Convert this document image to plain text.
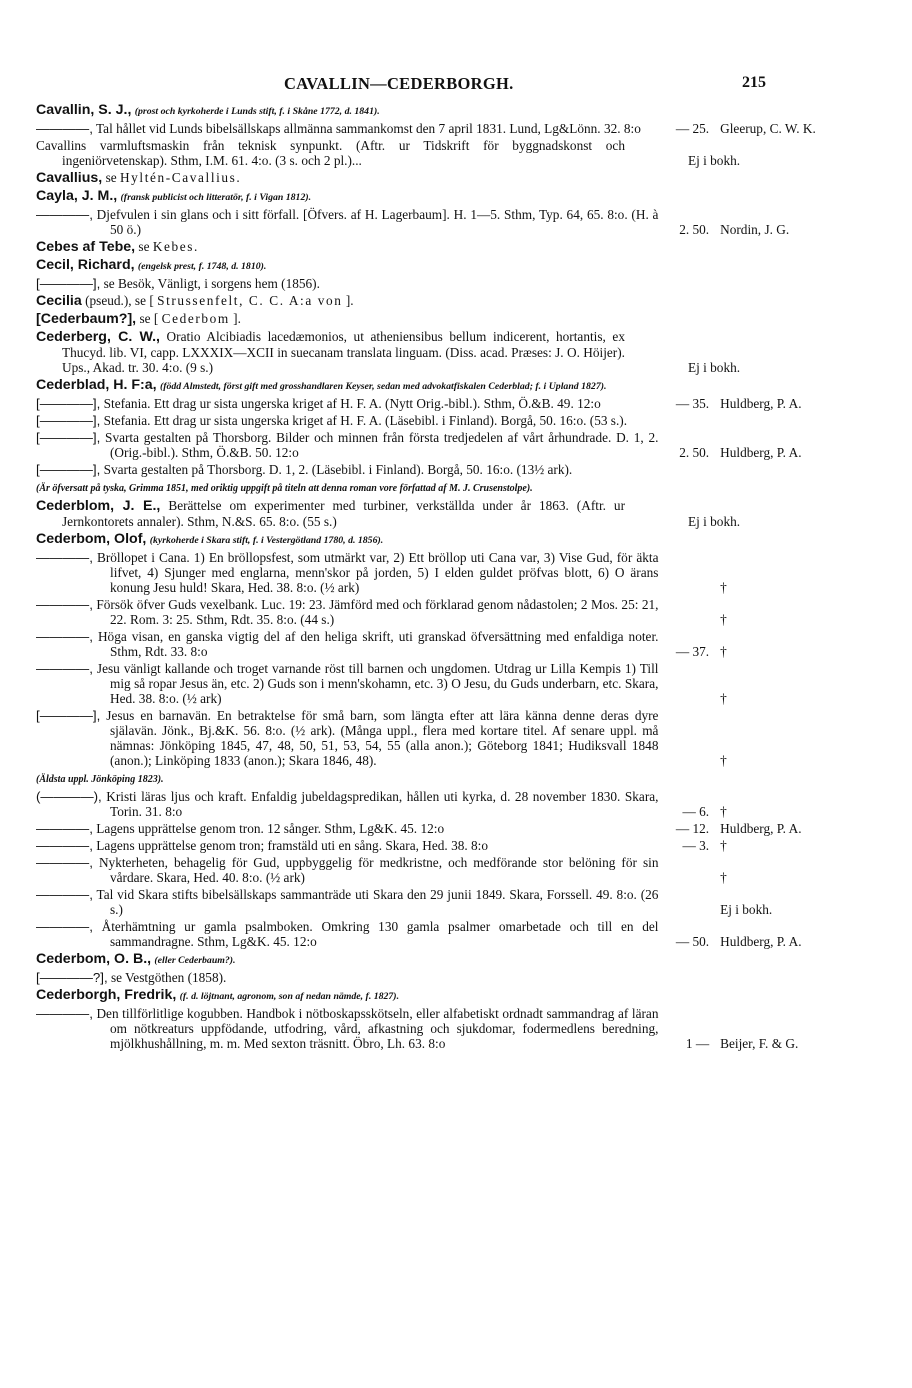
CAVALLIN—CEDERBORGH.	215
Cavallin, S. J., (prost och kyrkoherde i Lunds stift, f. i Skåne 1772, d. 1841).
————, Tal hållet vid Lunds bibelsällskaps allmänna sammankomst den 7 april 1831. Lund, Lg&Lönn. 32. 8:o	— 25. Gleerup, C. W. K.
Cavallins varmluftsmaskin från teknisk synpunkt. (Aftr. ur Tidskrift för byggnadskonst och ingeniörvetenskap). Sthm, I.M. 61. 4:o. (3 s. och 2 pl.)...	Ej i bokh.
Cavallius, se Hyltén-Cavallius.
Cayla, J. M., (fransk publicist och litteratör, f. i Vigan 1812).
————, Djefvulen i sin glans och i sitt förfall. [Öfvers. af H. Lagerbaum]. H. 1—5. Sthm, Typ. 64, 65. 8:o. (H. à 50 ö.)	2. 50. Nordin, J. G.
Cebes af Tebe, se Kebes.
Cecil, Richard, (engelsk prest, f. 1748, d. 1810).
[————], se Besök, Vänligt, i sorgens hem (1856).
Cecilia (pseud.), se [ Strussenfelt, C. C. A:a von ].
[Cederbaum?], se [ Cederbom ].
Cederberg, C. W., Oratio Alcibiadis lacedæmonios, ut atheniensibus bellum indicerent, hortantis, ex Thucyd. lib. VI, capp. LXXXIX—XCII in suecanam translata linguam. (Diss. acad. Præses: J. O. Höijer). Ups., Akad. tr. 30. 4:o. (9 s.)	Ej i bokh.
Cederblad, H. F:a, (född Almstedt, först gift med grosshandlaren Keyser, sedan med advokatfiskalen Cederblad; f. i Upland 1827).
[————], Stefania. Ett drag ur sista ungerska kriget af H. F. A. (Nytt Orig.-bibl.). Sthm, Ö.&B. 49. 12:o	— 35. Huldberg, P. A.
[————], Stefania. Ett drag ur sista ungerska kriget af H. F. A. (Läsebibl. i Finland). Borgå, 50. 16:o. (53 s.).
[————], Svarta gestalten på Thorsborg. Bilder och minnen från första tredjedelen af vårt århundrade. D. 1, 2. (Orig.-bibl.). Sthm, Ö.&B. 50. 12:o	2. 50. Huldberg, P. A.
[————], Svarta gestalten på Thorsborg. D. 1, 2. (Läsebibl. i Finland). Borgå, 50. 16:o. (13½ ark).
(Är öfversatt på tyska, Grimma 1851, med oriktig uppgift på titeln att denna roman vore författad af M. J. Crusenstolpe).
Cederblom, J. E., Berättelse om experimenter med turbiner, verkställda under år 1863. (Aftr. ur Jernkontorets annaler). Sthm, N.&S. 65. 8:o. (55 s.)	Ej i bokh.
Cederbom, Olof, (kyrkoherde i Skara stift, f. i Vestergötland 1780, d. 1856).
————, Bröllopet i Cana. 1) En bröllopsfest, som utmärkt var, 2) Ett bröllop uti Cana var, 3) Vise Gud, för äkta lifvet, 4) Sjunger med englarna, menn'skor på jorden, 5) I elden guldet pröfvas blott, 6) O ärans konung Jesu huld! Skara, Hed. 38. 8:o. (½ ark)	†
————, Försök öfver Guds vexelbank. Luc. 19: 23. Jämförd med och förklarad genom nådastolen; 2 Mos. 25: 21, 22. Rom. 3: 25. Sthm, Rdt. 35. 8:o. (44 s.)	†
————, Höga visan, en ganska vigtig del af den heliga skrift, uti granskad öfversättning med enfaldiga noter. Sthm, Rdt. 33. 8:o	— 37. †
————, Jesu vänligt kallande och troget varnande röst till barnen och ungdomen. Utdrag ur Lilla Kempis 1) Till mig så ropar Jesus än, etc. 2) Guds son i menn'skohamn, etc. 3) O Jesu, du Guds underbarn, etc. Skara, Hed. 38. 8:o. (½ ark)	†
[————], Jesus en barnavän. En betraktelse för små barn, som längta efter att lära känna denne deras dyre själavän. Jönk., Bj.&K. 56. 8:o. (½ ark). (Många uppl., flera med kortare titel. Af senare uppl. må nämnas: Jönköping 1845, 47, 48, 50, 51, 53, 54, 55 (alla anon.); Göteborg 1841; Hudiksvall 1848 (anon.); Linköping 1833 (anon.); Skara 1846, 48).	†
(Äldsta uppl. Jönköping 1823).
(————), Kristi läras ljus och kraft. Enfaldig jubeldagspredikan, hållen uti kyrka, d. 28 november 1830. Skara, Torin. 31. 8:o	— 6. †
————, Lagens upprättelse genom tron. 12 sånger. Sthm, Lg&K. 45. 12:o	— 12. Huldberg, P. A.
————, Lagens upprättelse genom tron; framstäld uti en sång. Skara, Hed. 38. 8:o	— 3. †
————, Nykterheten, behagelig för Gud, uppbyggelig för medkristne, och medförande stor belöning för sin vårdare. Skara, Hed. 40. 8:o. (½ ark)	†
————, Tal vid Skara stifts bibelsällskaps sammanträde uti Skara den 29 junii 1849. Skara, Forssell. 49. 8:o. (26 s.)	Ej i bokh.
————, Återhämtning ur gamla psalmboken. Omkring 130 gamla psalmer omarbetade och till en del sammandragne. Sthm, Lg&K. 45. 12:o	— 50. Huldberg, P. A.
Cederbom, O. B., (eller Cederbaum?).
[————?], se Vestgöthen (1858).
Cederborgh, Fredrik, (f. d. löjtnant, agronom, son af nedan nämde, f. 1827).
————, Den tillförlitlige kogubben. Handbok i nötboskapsskötseln, eller alfabetiskt ordnadt sammandrag af läran om nötkreaturs uppfödande, utfodring, vård, afkastning och sjukdomar, fodermedlens beredning, mjölkhushållning, m. m. Med sexton träsnitt. Öbro, Lh. 63. 8:o	1 — Beijer, F. & G.
